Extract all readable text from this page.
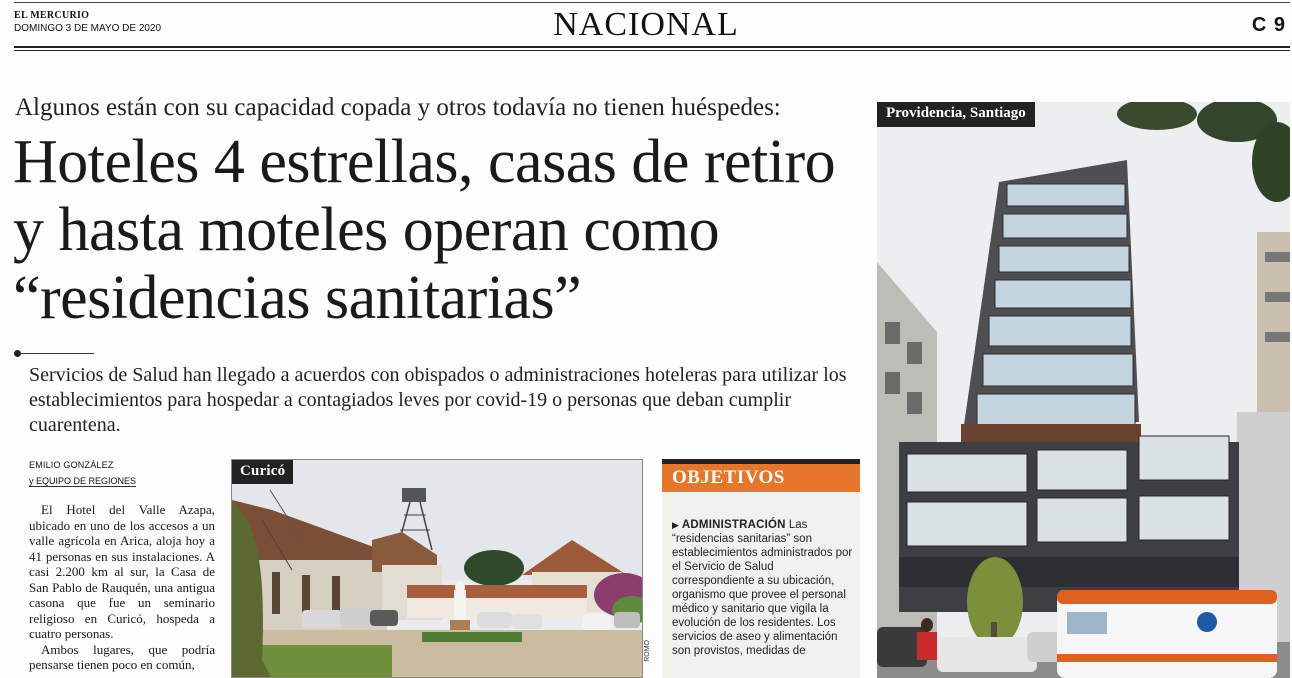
EL MERCURIO
DOMINGO 3 DE MAYO DE 2020	NACIONAL	C 9
Algunos están con su capacidad copada y otros todavía no tienen huéspedes:
Hoteles 4 estrellas, casas de retiro y hasta moteles operan como “residencias sanitarias”
Servicios de Salud han llegado a acuerdos con obispados o administraciones hoteleras para utilizar los establecimientos para hospedar a contagiados leves por covid-19 o personas que deban cumplir cuarentena.
EMILIO GONZÁLEZ
y EQUIPO DE REGIONES

El Hotel del Valle Azapa, ubicado en uno de los accesos a un valle agrícola en Arica, aloja hoy a 41 personas en sus instalaciones. A casi 2.200 km al sur, la Casa de San Pablo de Rauquén, una antigua casona que fue un seminario religioso en Curicó, hospeda a cuatro personas.

Ambos lugares, que podría pensarse tienen poco en común,

Curicó
ROMO
OBJETIVOS
▶ ADMINISTRACIÓN Las “residencias sanitarias” son establecimientos administrados por el Servicio de Salud correspondiente a su ubicación, organismo que provee el personal médico y sanitario que vigila la evolución de los residentes. Los servicios de aseo y alimentación son provistos, medidas de
Providencia, Santiago
